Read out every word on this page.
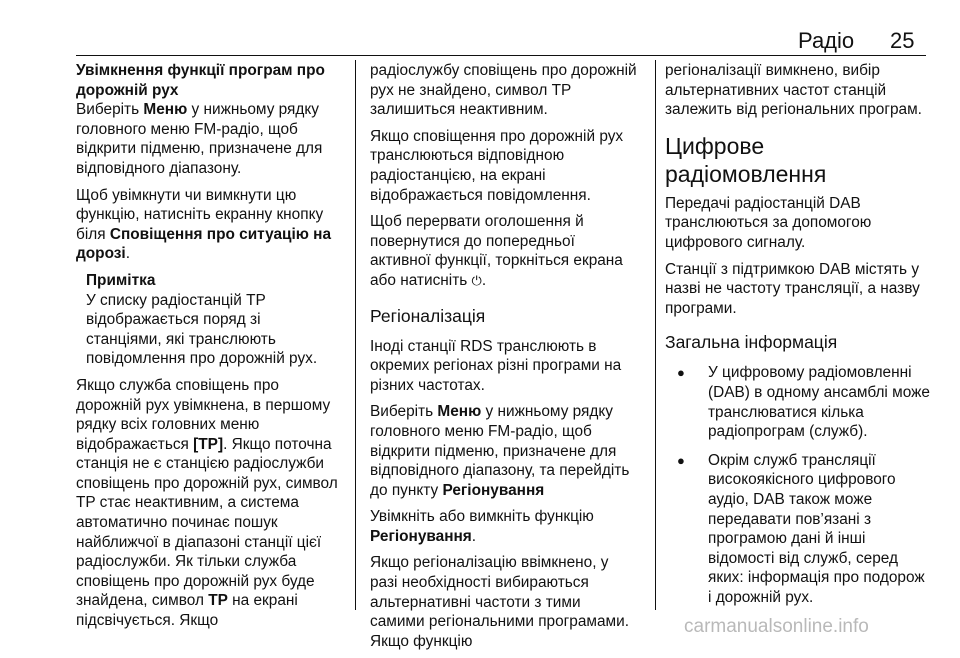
Радіо 25
Увімкнення функції програм про
дорожній рух

Виберіть Меню у нижньому рядку головного меню FM-радіо, щоб відкрити підменю, призначене для відповідного діапазону.

Щоб увімкнути чи вимкнути цю функцію, натисніть екранну кнопку біля Сповіщення про ситуацію на дорозі.

Примітка
У списку радіостанцій TP
відображається поряд зі
станціями, які транслюють
повідомлення про дорожній рух.

Якщо служба сповіщень про дорожній рух увімкнена, в першому рядку всіх головних меню відображається [TP]. Якщо поточна станція не є станцією радіослужби сповіщень про дорожній рух, символ TP стає неактивним, а система автоматично починає пошук найближчої в діапазоні станції цієї радіослужби. Як тільки служба сповіщень про дорожній рух буде знайдена, символ TP на екрані підсвічується. Якщо

радіослужбу сповіщень про дорожній рух не знайдено, символ TP залишиться неактивним.

Якщо сповіщення про дорожній рух транслюються відповідною радіостанцією, на екрані відображається повідомлення.

Щоб перервати оголошення й повернутися до попередньої активної функції, торкніться екрана або натисніть ⏻.

Регіоналізація

Іноді станції RDS транслюють в окремих регіонах різні програми на різних частотах.

Виберіть Меню у нижньому рядку головного меню FM-радіо, щоб відкрити підменю, призначене для відповідного діапазону, та перейдіть до пункту Регіонування

Увімкніть або вимкніть функцію Регіонування.

Якщо регіоналізацію ввімкнено, у разі необхідності вибираються альтернативні частоти з тими самими регіональними програмами. Якщо функцію

регіоналізації вимкнено, вибір альтернативних частот станцій залежить від регіональних програм.

Цифрове радіомовлення

Передачі радіостанцій DAB транслюються за допомогою цифрового сигналу.

Станції з підтримкою DAB містять у назві не частоту трансляції, а назву програми.

Загальна інформація
● У цифровому радіомовленні (DAB) в одному ансамблі може транслюватися кілька радіопрограм (служб).
● Окрім служб трансляції високоякісного цифрового аудіо, DAB також може передавати пов’язані з програмою дані й інші відомості від служб, серед яких: інформація про подорож і дорожній рух.
carmanualsonline.info
